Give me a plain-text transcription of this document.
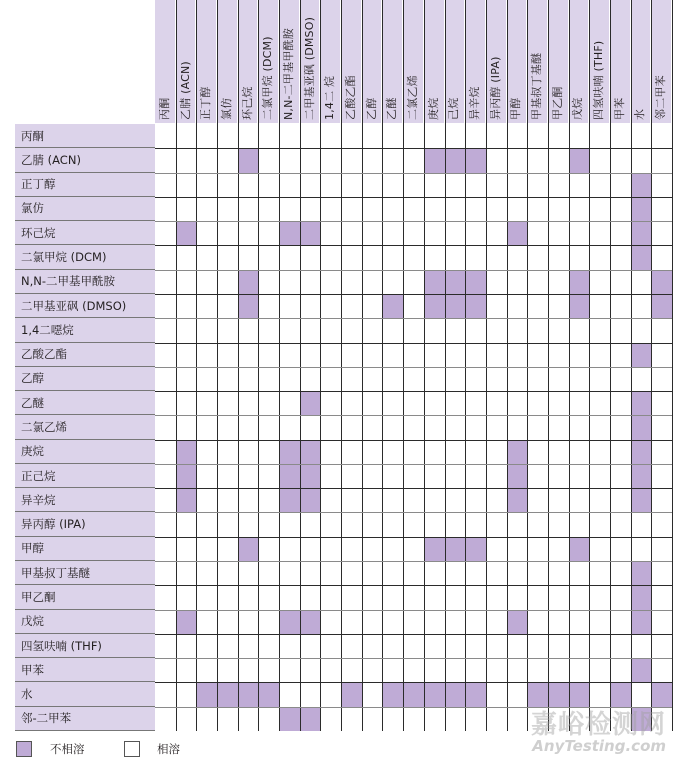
丙酮 乙腈 (ACN) 正丁醇 氯仿 环己烷 二氯甲烷 (DCM) N,N-二甲基甲酰胺 二甲基亚砜 (DMSO) 1,4二 烷 乙酸乙酯 乙醇 乙醚 二氯乙烯 庚烷 己烷 异辛烷 异丙醇 (IPA) 甲醇 甲基叔丁基醚 甲乙酮 戊烷 四氢呋喃 (THF) 甲苯 水 邻二甲苯
丙酮
乙腈 (ACN)
正丁醇
氯仿
环己烷
二氯甲烷 (DCM)
N,N-二甲基甲酰胺
二甲基亚砜 (DMSO)
1,4二噁烷
乙酸乙酯
乙醇
乙醚
二氯乙烯
庚烷
正己烷
异辛烷
异丙醇 (IPA)
甲醇
甲基叔丁基醚
甲乙酮
戊烷
四氢呋喃 (THF)
甲苯
水
邻-二甲苯
不相溶	相溶
嘉峪检测网
AnyTesting.com
